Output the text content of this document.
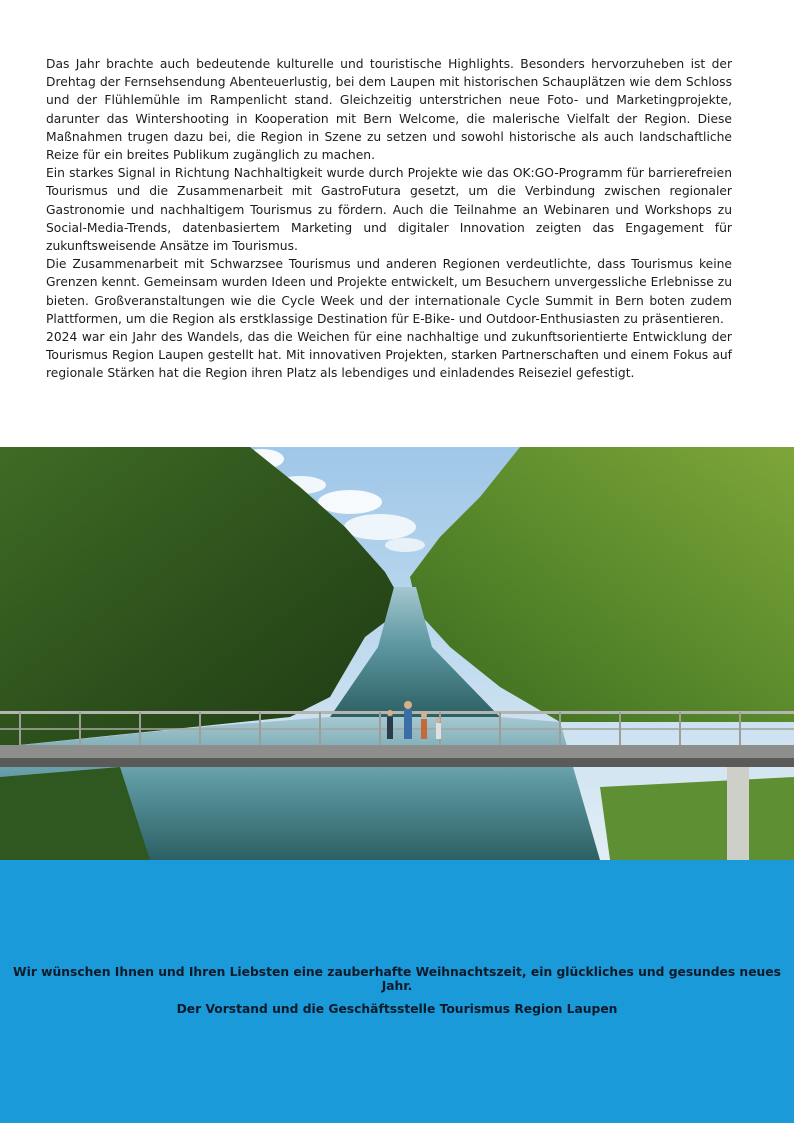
Das Jahr brachte auch bedeutende kulturelle und touristische Highlights. Besonders hervorzuheben ist der Drehtag der Fernsehsendung Abenteuerlustig, bei dem Laupen mit historischen Schauplätzen wie dem Schloss und der Flühlemühle im Rampenlicht stand. Gleichzeitig unterstrichen neue Foto- und Marketingprojekte, darunter das Wintershooting in Kooperation mit Bern Welcome, die malerische Vielfalt der Region. Diese Maßnahmen trugen dazu bei, die Region in Szene zu setzen und sowohl historische als auch landschaftliche Reize für ein breites Publikum zugänglich zu machen.

Ein starkes Signal in Richtung Nachhaltigkeit wurde durch Projekte wie das OK:GO-Programm für barrierefreien Tourismus und die Zusammenarbeit mit GastroFutura gesetzt, um die Verbindung zwischen regionaler Gastronomie und nachhaltigem Tourismus zu fördern. Auch die Teilnahme an Webinaren und Workshops zu Social-Media-Trends, datenbasiertem Marketing und digitaler Innovation zeigten das Engagement für zukunftsweisende Ansätze im Tourismus.

Die Zusammenarbeit mit Schwarzsee Tourismus und anderen Regionen verdeutlichte, dass Tourismus keine Grenzen kennt. Gemeinsam wurden Ideen und Projekte entwickelt, um Besuchern unvergessliche Erlebnisse zu bieten. Großveranstaltungen wie die Cycle Week und der internationale Cycle Summit in Bern boten zudem Plattformen, um die Region als erstklassige Destination für E-Bike- und Outdoor-Enthusiasten zu präsentieren.

2024 war ein Jahr des Wandels, das die Weichen für eine nachhaltige und zukunftsorientierte Entwicklung der Tourismus Region Laupen gestellt hat. Mit innovativen Projekten, starken Partnerschaften und einem Fokus auf regionale Stärken hat die Region ihren Platz als lebendiges und einladendes Reiseziel gefestigt.

Wir wünschen Ihnen und Ihren Liebsten eine zauberhafte Weihnachtszeit, ein glückliches und gesundes neues Jahr.

Der Vorstand und die Geschäftsstelle Tourismus Region Laupen
